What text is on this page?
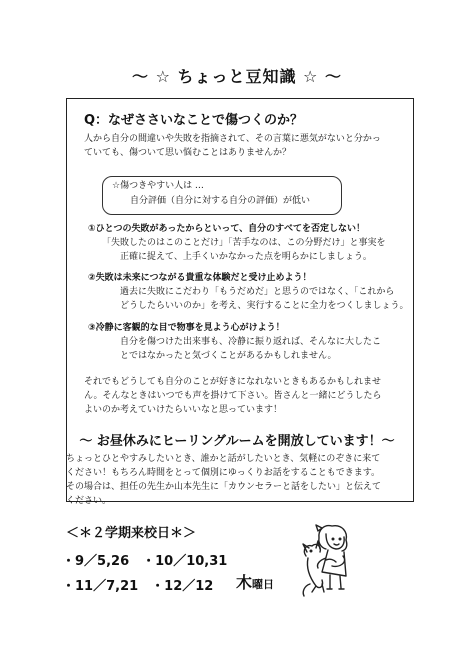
〜 ☆ ちょっと豆知識 ☆ 〜
Q：なぜささいなことで傷つくのか？
人から自分の間違いや失敗を指摘されて、その言葉に悪気がないと分かっ
ていても、傷ついて思い悩むことはありませんか？
☆傷つきやすい人は …
自分評価（自分に対する自分の評価）が低い
①ひとつの失敗があったからといって、自分のすべてを否定しない！
「失敗したのはこのことだけ」「苦手なのは、この分野だけ」と事実を
正確に捉えて、上手くいかなかった点を明らかにしましょう。
②失敗は未来につながる貴重な体験だと受け止めよう！
過去に失敗にこだわり「もうだめだ」と思うのではなく、「これから
どうしたらいいのか」を考え、実行することに全力をつくしましょう。
③冷静に客観的な目で物事を見よう心がけよう！
自分を傷つけた出来事も、冷静に振り返れば、そんなに大したこ
とではなかったと気づくことがあるかもしれません。
それでもどうしても自分のことが好きになれないときもあるかもしれませ
ん。そんなときはいつでも声を掛けて下さい。皆さんと一緒にどうしたら
よいのか考えていけたらいいなと思っています！
〜 お昼休みにヒーリングルームを開放しています！〜
ちょっとひとやすみしたいとき、誰かと話がしたいとき、気軽にのぞきに来て
ください！もちろん時間をとって個別にゆっくりお話をすることもできます。
その場合は、担任の先生か山本先生に「カウンセラーと話をしたい」と伝えて
ください。
＜＊２学期来校日＊＞
・9／5,26　・10／10,31
・11／7,21　・12／12 木曜日
